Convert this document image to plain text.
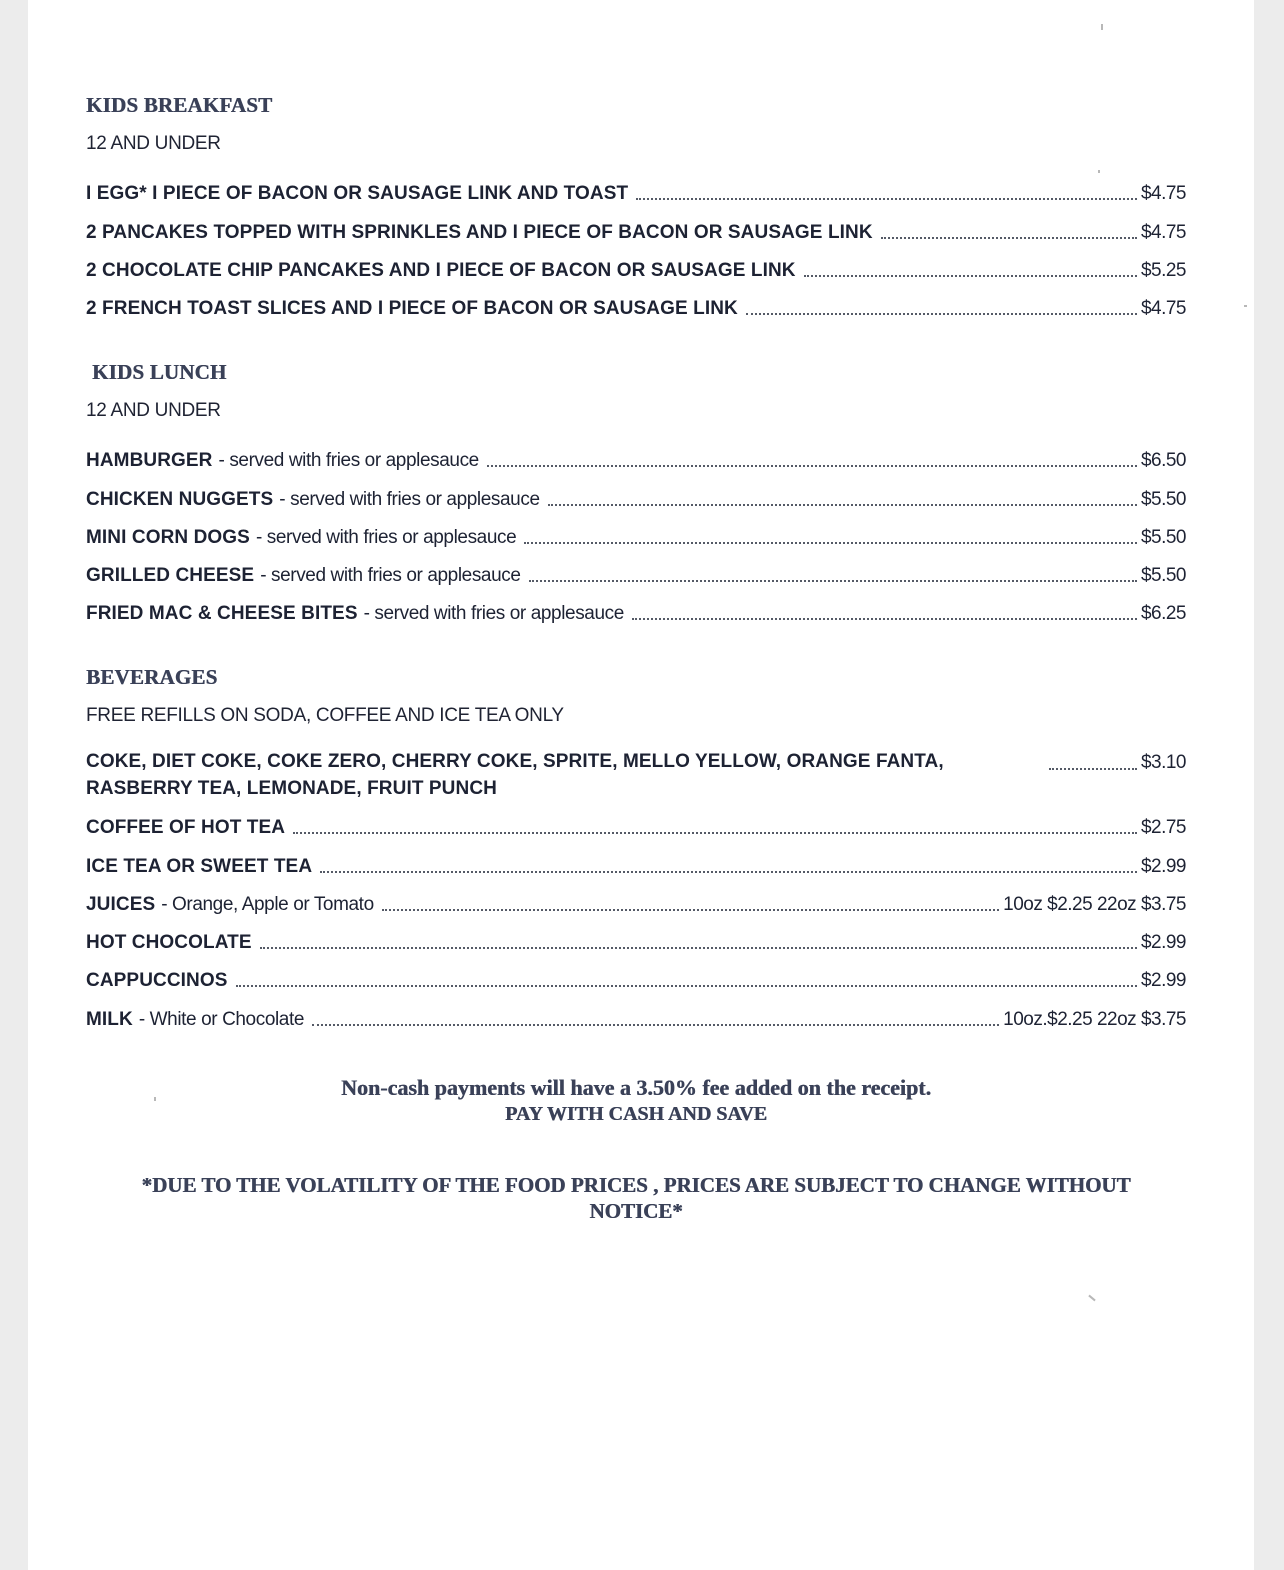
KIDS BREAKFAST
12 AND UNDER
I EGG* I PIECE OF BACON OR SAUSAGE LINK AND TOAST	$4.75
2 PANCAKES TOPPED WITH SPRINKLES AND I PIECE OF BACON OR SAUSAGE LINK	$4.75
2 CHOCOLATE CHIP PANCAKES AND I PIECE OF BACON OR SAUSAGE LINK	$5.25
2 FRENCH TOAST SLICES AND I PIECE OF BACON OR SAUSAGE LINK	$4.75
KIDS LUNCH
12 AND UNDER
HAMBURGER - served with fries or applesauce	$6.50
CHICKEN NUGGETS - served with fries or applesauce	$5.50
MINI CORN DOGS - served with fries or applesauce	$5.50
GRILLED CHEESE - served with fries or applesauce	$5.50
FRIED MAC & CHEESE BITES - served with fries or applesauce	$6.25
BEVERAGES
FREE REFILLS ON SODA, COFFEE AND ICE TEA ONLY
COKE, DIET COKE, COKE ZERO, CHERRY COKE, SPRITE, MELLO YELLOW, ORANGE FANTA, RASBERRY TEA, LEMONADE, FRUIT PUNCH
$3.10
COFFEE OF HOT TEA	$2.75
ICE TEA OR SWEET TEA	$2.99
JUICES - Orange, Apple or Tomato	10oz $2.25 22oz $3.75
HOT CHOCOLATE	$2.99
CAPPUCCINOS	$2.99
MILK - White or Chocolate	10oz.$2.25 22oz $3.75
Non-cash payments will have a 3.50% fee added on the receipt.
PAY WITH CASH AND SAVE
*DUE TO THE VOLATILITY OF THE FOOD PRICES , PRICES ARE SUBJECT TO CHANGE WITHOUT NOTICE*
